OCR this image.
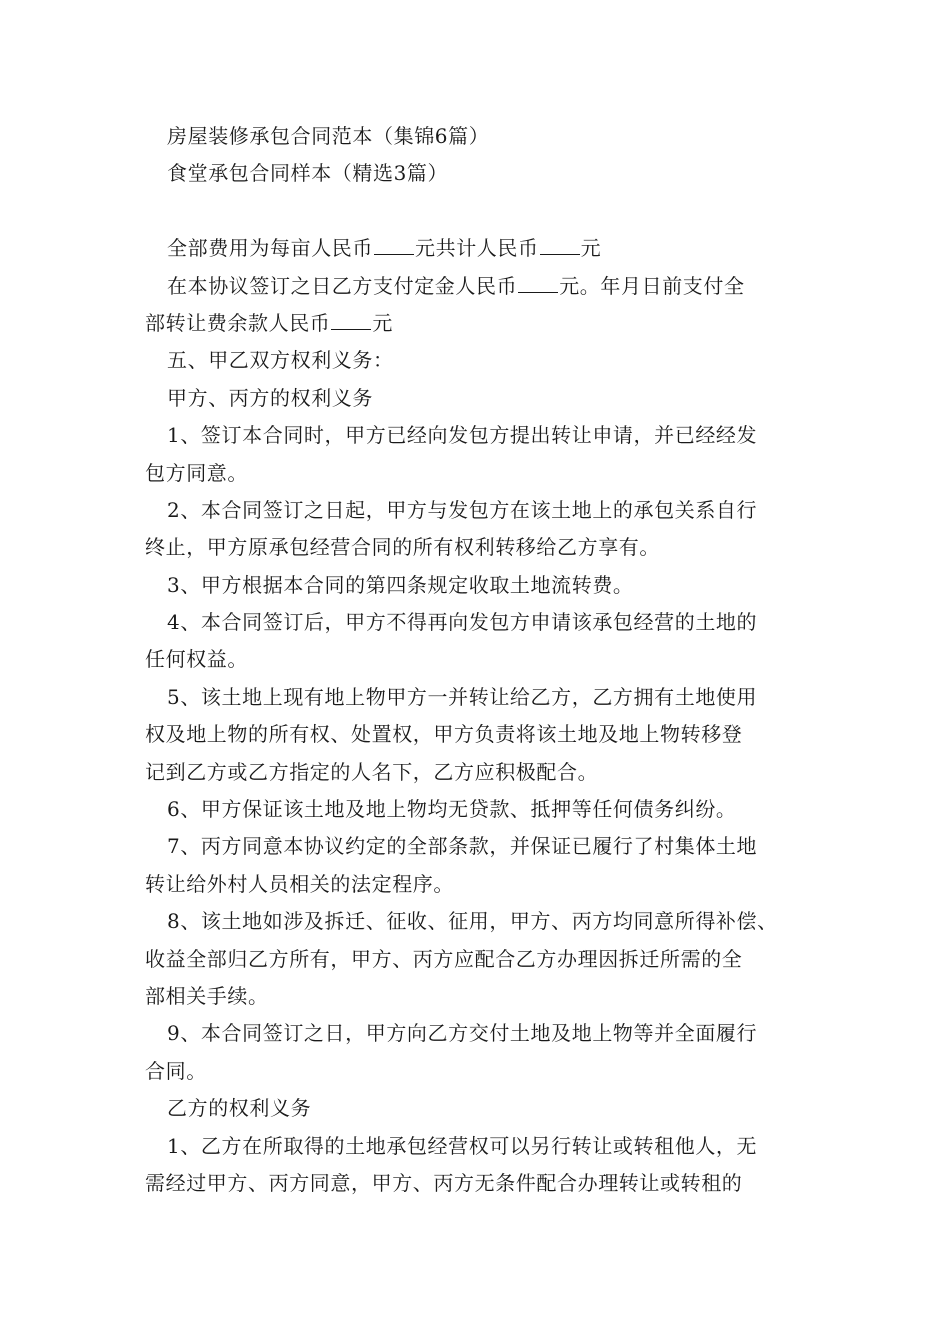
房屋装修承包合同范本（集锦6篇）
食堂承包合同样本（精选3篇）
全部费用为每亩人民币 元共计人民币 元
在本协议签订之日乙方支付定金人民币 元。年月日前支付全
部转让费余款人民币 元
五、甲乙双方权利义务：
甲方、丙方的权利义务
1、签订本合同时，甲方已经向发包方提出转让申请，并已经经发
包方同意。
2、本合同签订之日起，甲方与发包方在该土地上的承包关系自行
终止，甲方原承包经营合同的所有权利转移给乙方享有。
3、甲方根据本合同的第四条规定收取土地流转费。
4、本合同签订后，甲方不得再向发包方申请该承包经营的土地的
任何权益。
5、该土地上现有地上物甲方一并转让给乙方，乙方拥有土地使用
权及地上物的所有权、处置权，甲方负责将该土地及地上物转移登
记到乙方或乙方指定的人名下，乙方应积极配合。
6、甲方保证该土地及地上物均无贷款、抵押等任何债务纠纷。
7、丙方同意本协议约定的全部条款，并保证已履行了村集体土地
转让给外村人员相关的法定程序。
8、该土地如涉及拆迁、征收、征用，甲方、丙方均同意所得补偿、
收益全部归乙方所有，甲方、丙方应配合乙方办理因拆迁所需的全
部相关手续。
9、本合同签订之日，甲方向乙方交付土地及地上物等并全面履行
合同。
乙方的权利义务
1、乙方在所取得的土地承包经营权可以另行转让或转租他人，无
需经过甲方、丙方同意，甲方、丙方无条件配合办理转让或转租的
